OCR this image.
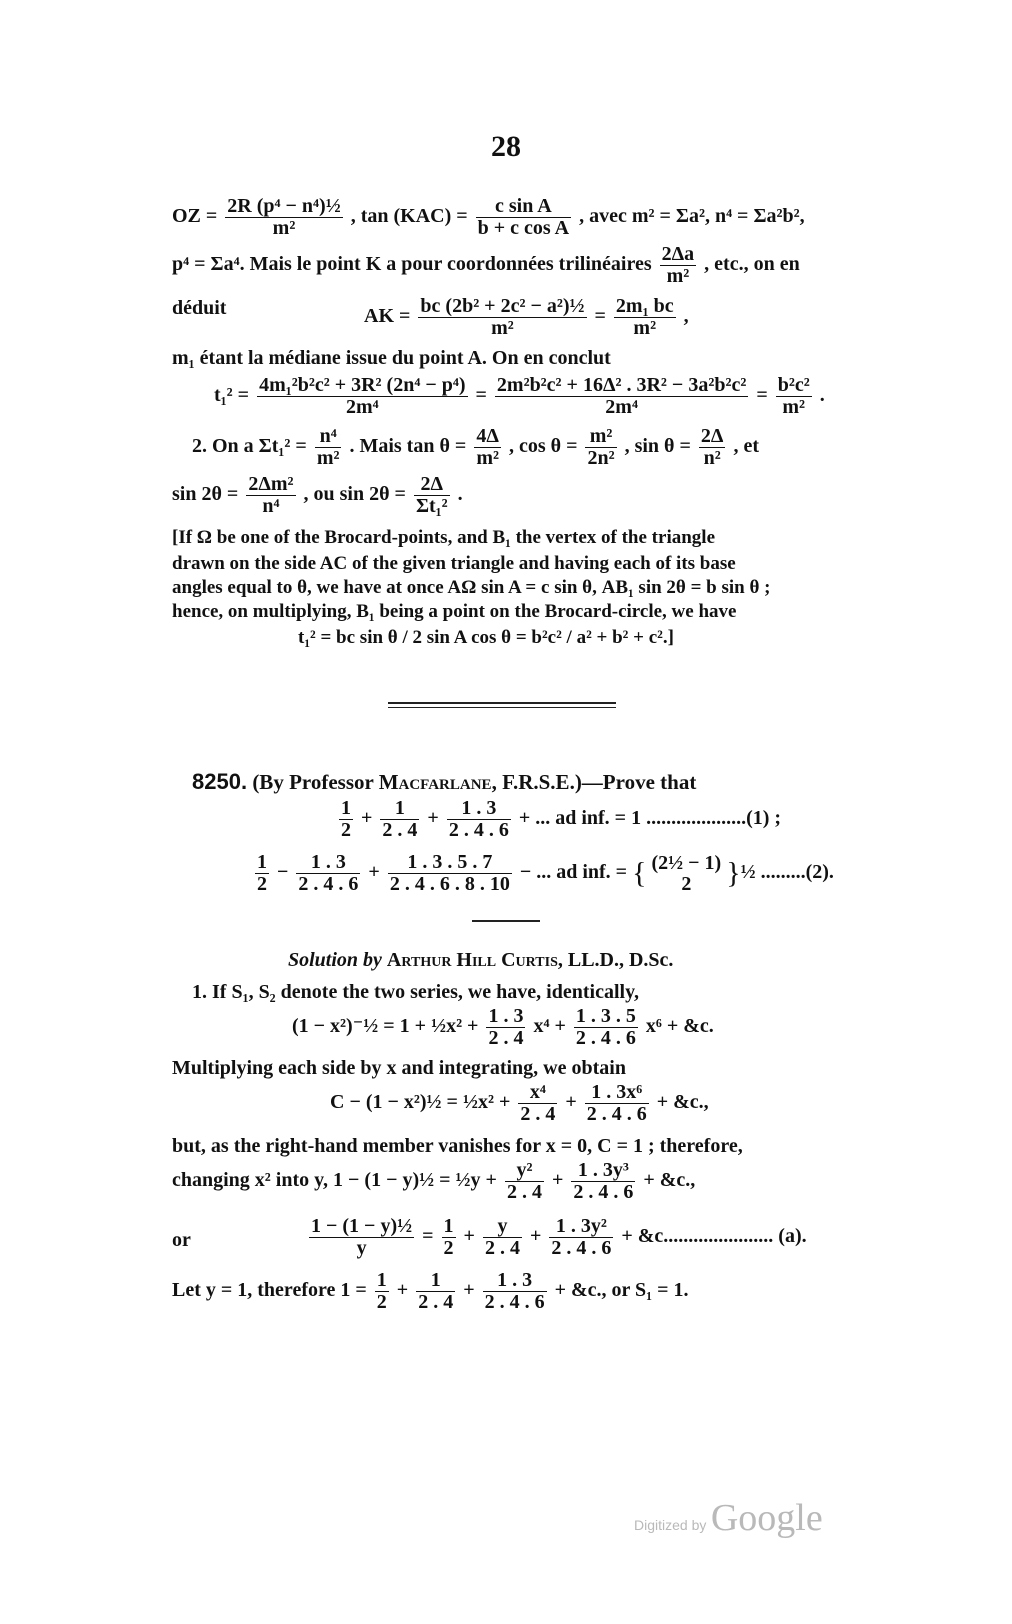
28
OZ = $\frac{\text{2R (p⁴ − n⁴)½}}{\text{m²}}$ , $\tan (KAC) = \frac{\text{c sin A}}{\text{b + c cos A}}$ , avec m² = Σa², n⁴ = Σa²b²,
p⁴ = Σa⁴. Mais le point K a pour coordonnées trilinéaires $\frac{2\Delta a}{\text{m²}}$ , etc., on en
déduit	AK = $\frac{\text{bc (2b² + 2c² − a²)½}}{\text{m²}} = \frac{\text{2m₁ bc}}{\text{m²}}$ ,
m₁ étant la médiane issue du point A. On en conclut
$t_1^2 = \frac{\text{4m₁²b²c² + 3R² (2n⁴ − p⁴)}}{\text{2m⁴}} = \frac{\text{2m²b²c² + 16Δ² . 3R² − 3a²b²c²}}{\text{2m⁴}} = \frac{\text{b²c²}}{\text{m²}}$ .
2. On a $\Sigma t_1^2 = \frac{\text{n⁴}}{\text{m²}}$ . Mais $\tan \theta = \frac{4\Delta}{\text{m²}}$ , $\cos \theta = \frac{\text{m²}}{\text{2n²}}$ , $\sin \theta = \frac{2\Delta}{\text{n²}}$ , et
$\sin 2\theta = \frac{\text{2Δm²}}{\text{n⁴}}$ , ou $\sin 2\theta = \frac{2\Delta}{\text{Σt₁²}}$ .
[If Ω be one of the Brocard-points, and B₁ the vertex of the triangle
drawn on the side AC of the given triangle and having each of its base
angles equal to θ, we have at once AΩ sin A = c sin θ, AB₁ sin 2θ = b sin θ ;
hence, on multiplying, B₁ being a point on the Brocard-circle, we have
t₁² = bc sin θ / 2 sin A cos θ = b²c² / a² + b² + c².]
8250. (By Professor Macfarlane, F.R.S.E.)—Prove that
$\frac{1}{2} + \frac{1}{2 . 4} + \frac{1 . 3}{2 . 4 . 6}$ + ... ad inf. = 1 ....................(1) ;
$\frac{1}{2} - \frac{1 . 3}{2 . 4 . 6} + \frac{1 . 3 . 5 . 7}{2 . 4 . 6 . 8 . 10}$ − ... ad inf. = { (2½ − 1)
2	}½ .........(2).
Solution by Arthur Hill Curtis, LL.D., D.Sc.
1. If S₁, S₂ denote the two series, we have, identically,
(1 − x²)⁻½ = 1 + ½x² + $\frac{1 . 3}{2 . 4} x^4 + \frac{1 . 3 . 5}{2 . 4 . 6} x^6$ + &c.
Multiplying each side by x and integrating, we obtain
C − (1 − x²)½ = ½x² + $\frac{\text{x⁴}}{2 . 4} + \frac{\text{1 . 3x⁶}}{2 . 4 . 6}$ + &c.,
but, as the right-hand member vanishes for x = 0, C = 1 ; therefore,
changing x² into y, 1 − (1 − y)½ = ½y + $\frac{\text{y²}}{2 . 4} + \frac{\text{1 . 3y³}}{2 . 4 . 6}$ + &c.,
or	$\frac{\text{1 − (1 − y)½}}{y} = \frac{1}{2} + \frac{y}{2 . 4} + \frac{\text{1 . 3y²}}{2 . 4 . 6}$ + &c...................... (a).
Let y = 1, therefore $1 = \frac{1}{2} + \frac{1}{2 . 4} + \frac{1 . 3}{2 . 4 . 6}$ + &c., or S₁ = 1.
Digitized by Google
